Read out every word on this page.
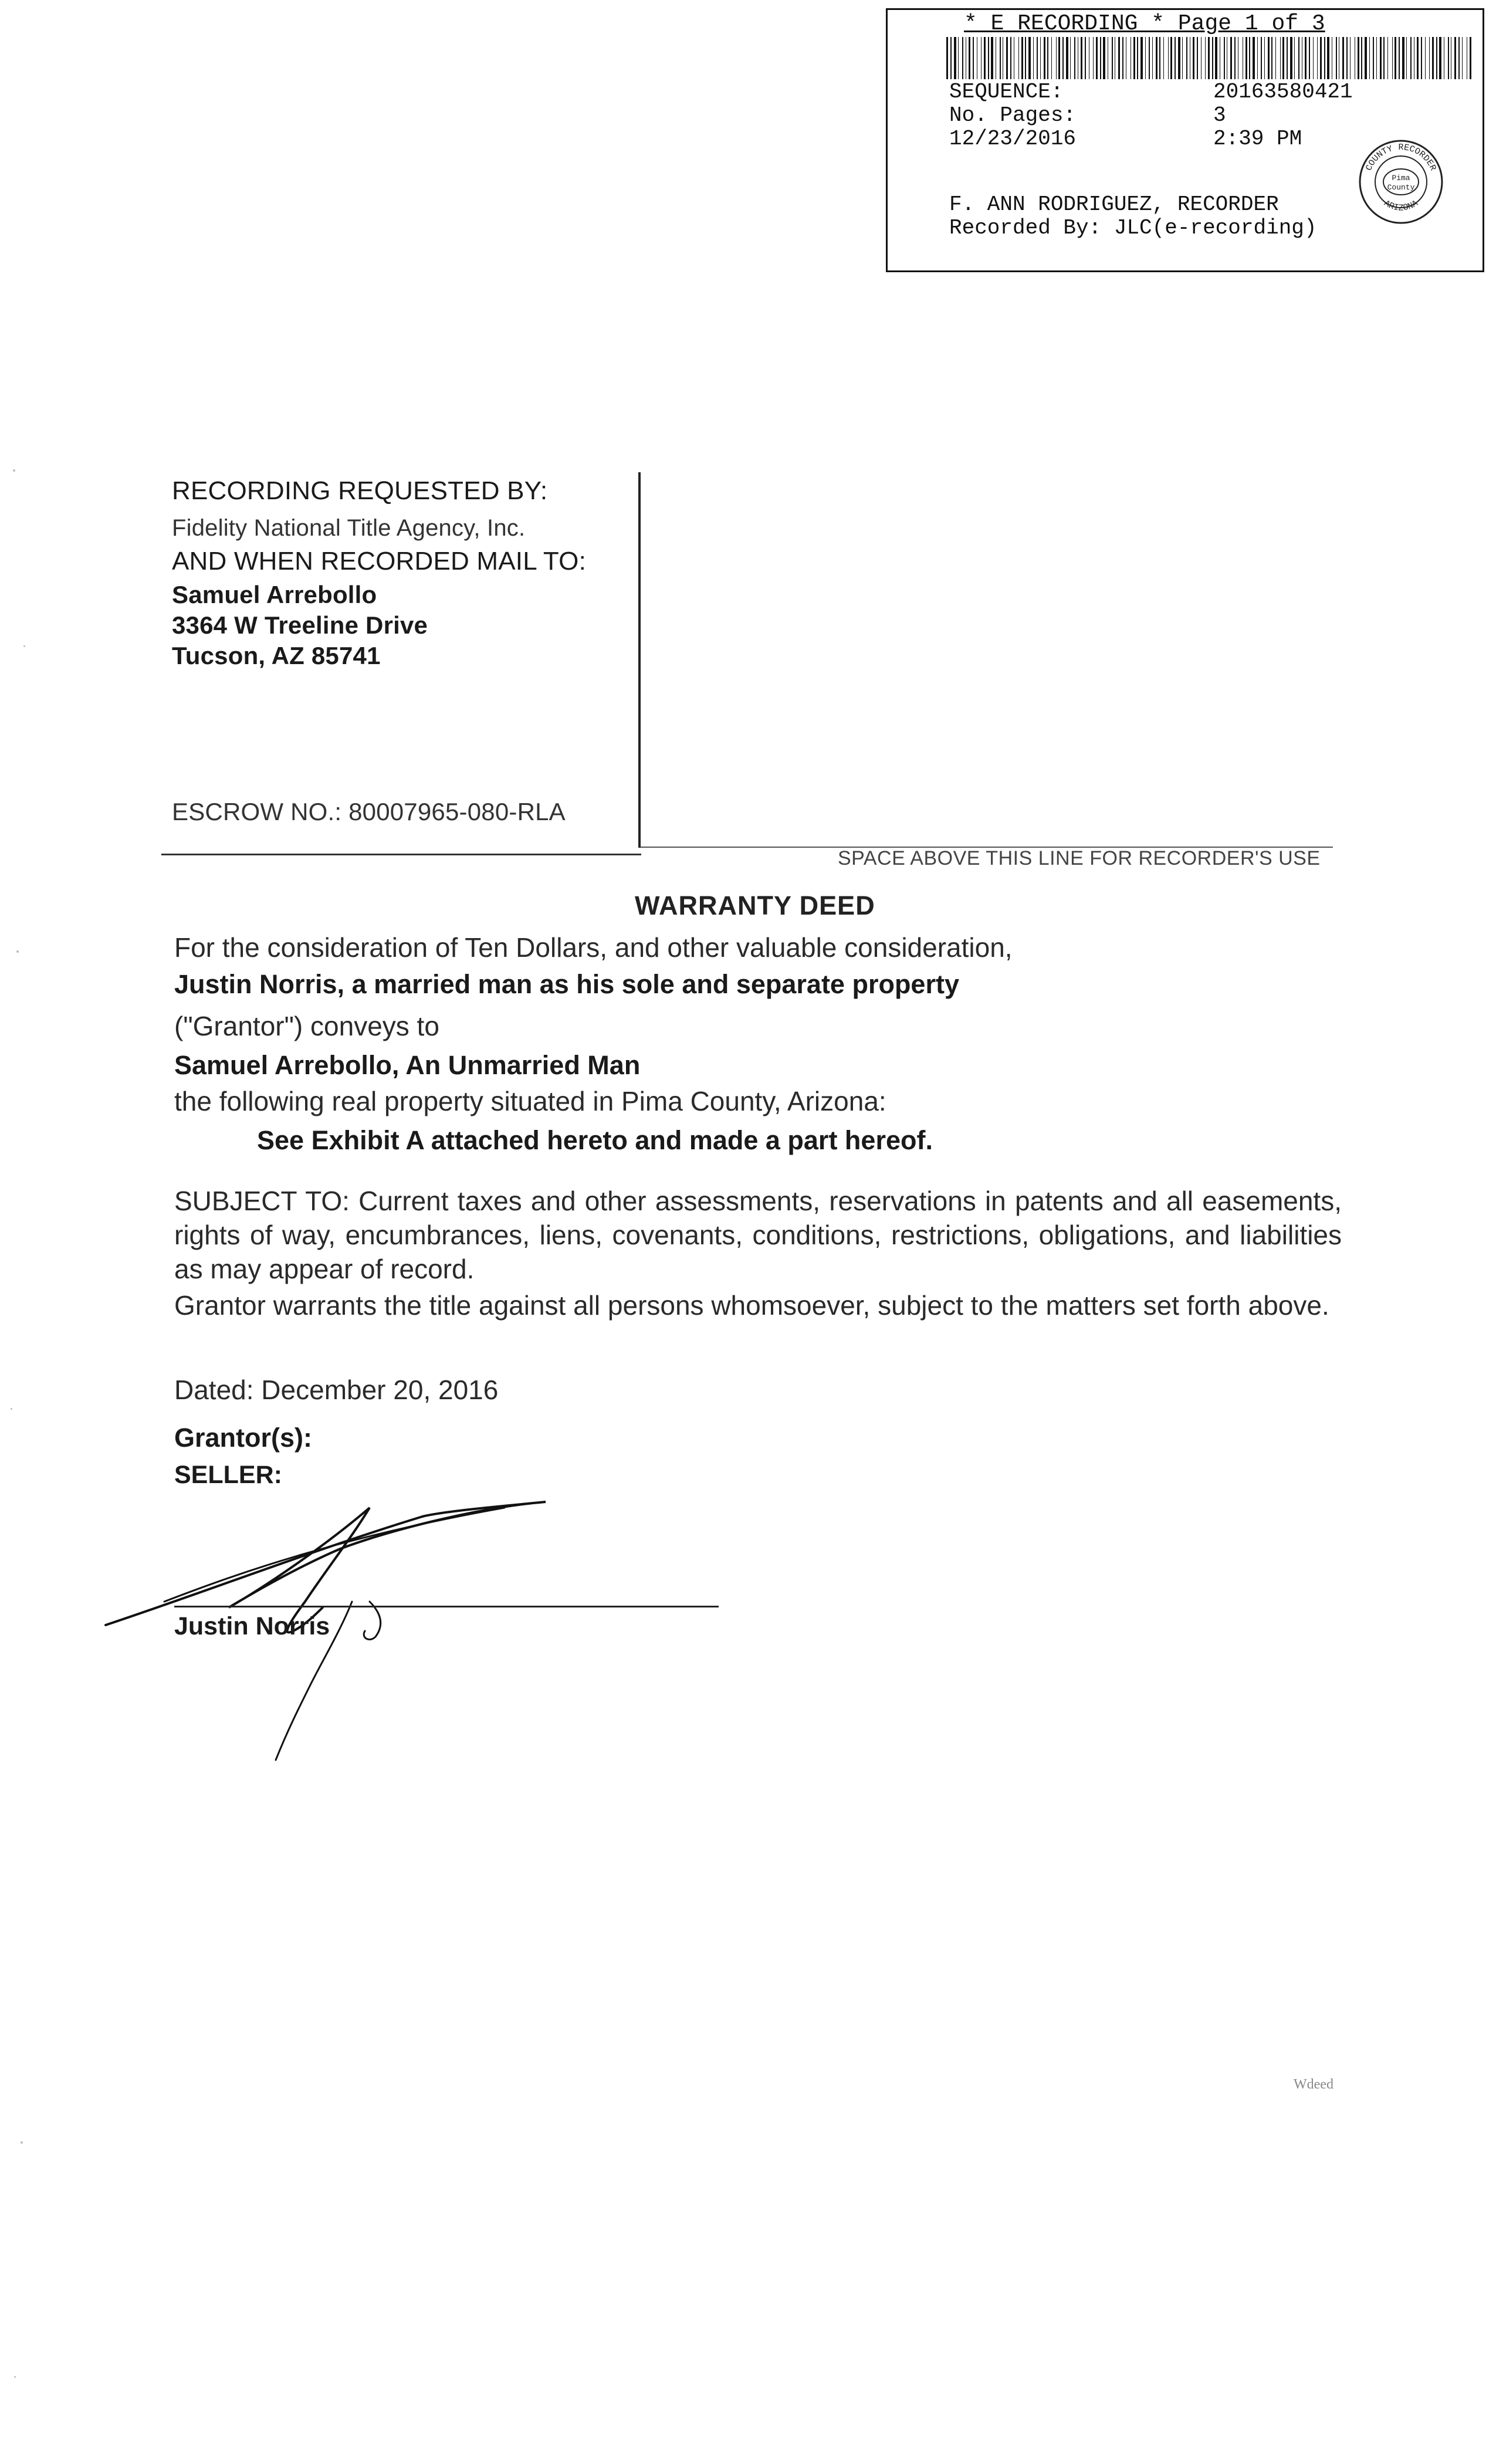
* E RECORDING * Page 1 of 3
SEQUENCE:	20163580421
No. Pages:	3
12/23/2016	2:39 PM
F. ANN RODRIGUEZ, RECORDER
Recorded By: JLC(e-recording)
COUNTY RECORDER
ARIZONA
Pima
County
RECORDING REQUESTED BY:
Fidelity National Title Agency, Inc.
AND WHEN RECORDED MAIL TO:
Samuel Arrebollo
3364 W Treeline Drive
Tucson, AZ 85741
ESCROW NO.: 80007965-080-RLA
SPACE ABOVE THIS LINE FOR RECORDER'S USE
WARRANTY DEED
For the consideration of Ten Dollars, and other valuable consideration,
Justin Norris, a married man as his sole and separate property
("Grantor") conveys to
Samuel Arrebollo, An Unmarried Man
the following real property situated in Pima County, Arizona:
See Exhibit A attached hereto and made a part hereof.
SUBJECT TO: Current taxes and other assessments, reservations in patents and all easements, rights of way, encumbrances, liens, covenants, conditions, restrictions, obligations, and liabilities as may appear of record.
Grantor warrants the title against all persons whomsoever, subject to the matters set forth above.
Dated: December 20, 2016
Grantor(s):
SELLER:
Justin Norris
Wdeed
